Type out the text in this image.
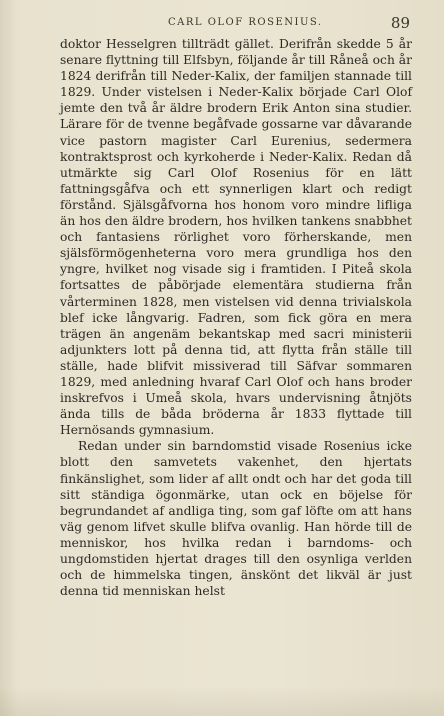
CARL OLOF ROSENIUS.	89

doktor Hesselgren tillträdt gället. Derifrån skedde 5 år senare flyttning till Elfsbyn, följande år till Råneå och år 1824 derifrån till Neder-Kalix, der familjen stannade till 1829. Under vistelsen i Neder-Kalix började Carl Olof jemte den två år äldre brodern Erik Anton sina studier. Lärare för de tvenne begåfvade gossarne var dåvarande vice pastorn magister Carl Eurenius, sedermera kontraktsprost och kyrkoherde i Neder-Kalix. Redan då utmärkte sig Carl Olof Rosenius för en lätt fattningsgåfva och ett synnerligen klart och redigt förstånd. Själsgåfvorna hos honom voro mindre lifliga än hos den äldre brodern, hos hvilken tankens snabbhet och fantasiens rörlighet voro förherskande, men själsförmögenheterna voro mera grundliga hos den yngre, hvilket nog visade sig i framtiden. I Piteå skola fortsattes de påbörjade elementära studierna från vårterminen 1828, men vistelsen vid denna trivialskola blef icke långvarig. Fadren, som fick göra en mera trägen än angenäm bekantskap med sacri ministerii adjunkters lott på denna tid, att flytta från ställe till ställe, hade blifvit missiverad till Säfvar sommaren 1829, med anledning hvaraf Carl Olof och hans broder inskrefvos i Umeå skola, hvars undervisning åtnjöts ända tills de båda bröderna år 1833 flyttade till Hernösands gymnasium.

Redan under sin barndomstid visade Rosenius icke blott den samvetets vakenhet, den hjertats finkänslighet, som lider af allt ondt och har det goda till sitt ständiga ögonmärke, utan ock en böjelse för begrundandet af andliga ting, som gaf löfte om att hans väg genom lifvet skulle blifva ovanlig. Han hörde till de menniskor, hos hvilka redan i barndoms- och ungdomstiden hjertat drages till den osynliga verlden och de himmelska tingen, änskönt det likväl är just denna tid menniskan helst
